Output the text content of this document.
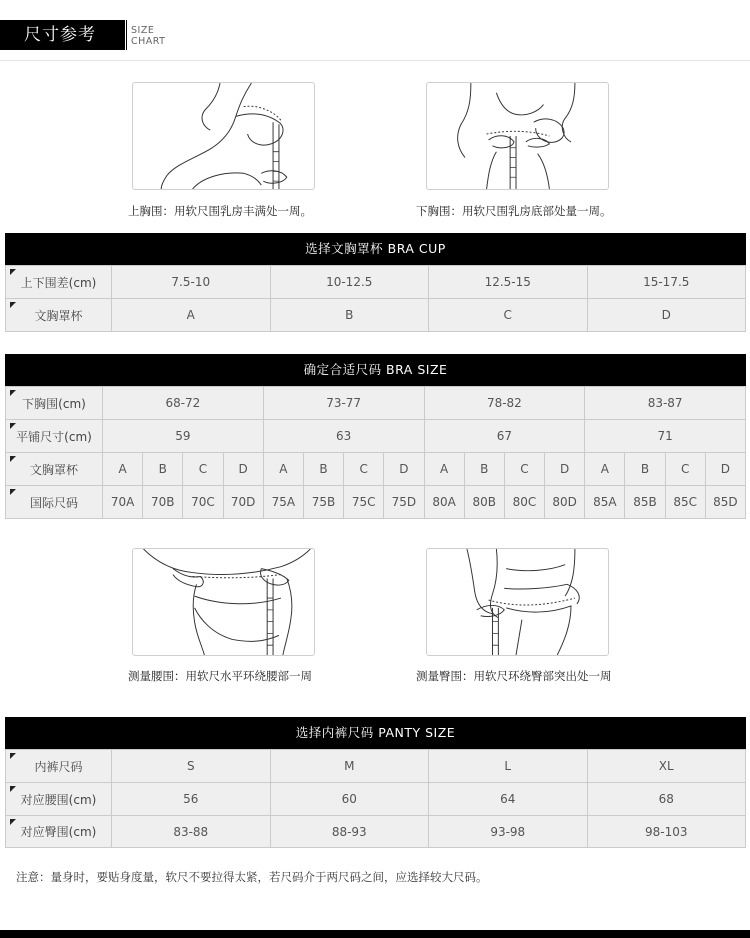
尺寸参考	SIZE
CHART
上胸围：用软尺围乳房丰满处一周。	下胸围：用软尺围乳房底部处量一周。
选择文胸罩杯 BRA CUP
上下围差(cm)	7.5-10	10-12.5	12.5-15	15-17.5
文胸罩杯	A	B	C	D
确定合适尺码 BRA SIZE
下胸围(cm)	68-72				73-77				78-82				83-87			
平铺尺寸(cm)	59				63				67				71			
文胸罩杯	A	B	C	D	A	B	C	D	A	B	C	D	A	B	C	D
国际尺码	70A	70B	70C	70D	75A	75B	75C	75D	80A	80B	80C	80D	85A	85B	85C	85D
测量腰围：用软尺水平环绕腰部一周	测量臀围：用软尺环绕臀部突出处一周
选择内裤尺码 PANTY SIZE
内裤尺码	S	M	L	XL
对应腰围(cm)	56	60	64	68
对应臀围(cm)	83-88	88-93	93-98	98-103
注意：量身时，要贴身度量，软尺不要拉得太紧，若尺码介于两尺码之间，应选择较大尺码。
